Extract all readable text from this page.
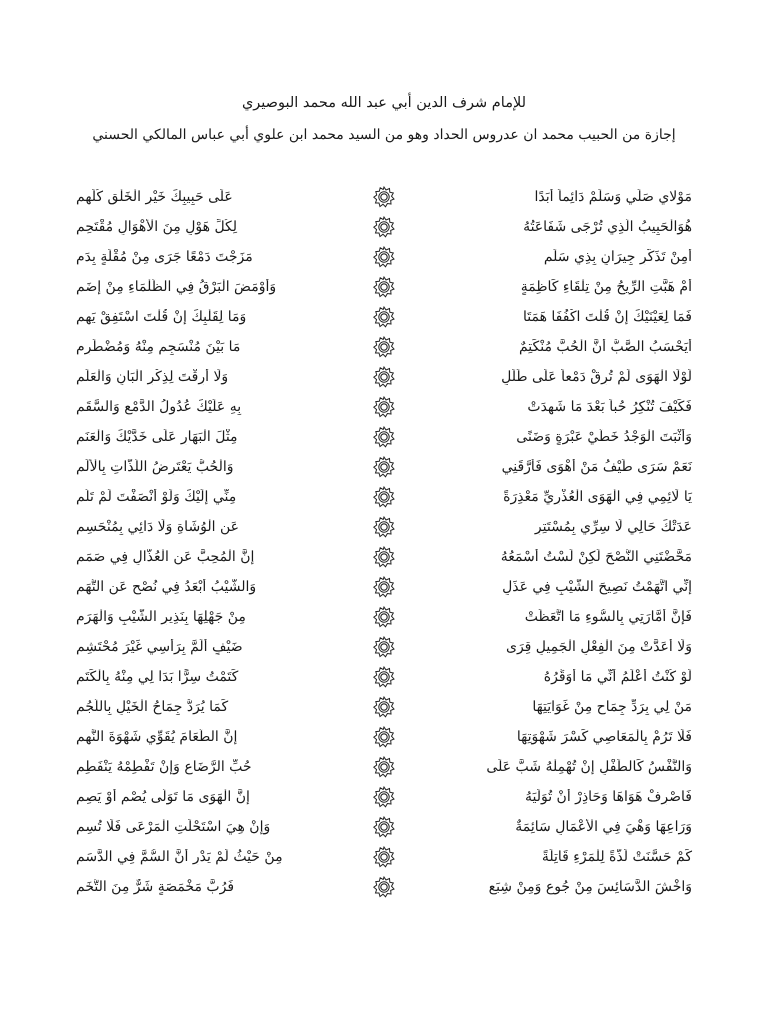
للإمام شرف الدين أبي عبد الله محمد البوصيري
إجازة من الحبيب محمد ان عدروس الحداد وهو من السيد محمد ابن علوي أبي عباس المالكي الحسني
مَوْلاي صَلِّي وَسَلِّمْ دَائِماً أَبَدًا
عَلَى حَبِيبِكَ خَيْرِ الْخَلْقِ كُلِّهِمِ
هُوَالْحَبِيبُ الَّذِي تُرْجَى شَفَاعَتُهُ
لِكُلِّ هَوْلٍ مِنَ الْأَهْوَالِ مُقْتَحِمِ
أَمِنْ تَذَكُّرِ جِيرَانٍ بِذِي سَلَمِ
مَزَجْتَ دَمْعًا جَرَى مِنْ مُقْلَةٍ بِدَمِ
أَمْ هَبَّتِ الرِّيحُ مِنْ تِلْقَاءِ كَاظِمَةٍ
وَأَوْمَضَ الْبَرْقُ فِي الظَّلْمَاءِ مِنْ إِضَمِ
فَمَا لِعَيْنَيْكَ إِنْ قُلْتَ اكْفُفَا هَمَتَا
وَمَا لِقَلْبِكَ إِنْ قُلْتَ اسْتَفِقْ يَهِمِ
أَيَحْسَبُ الصَّبُّ أَنَّ الْحُبَّ مُنْكَتِمٌ
مَا بَيْنَ مُنْسَجِمٍ مِنْهُ وَمُضْطَرِمِ
لَوْلَا الْهَوَى لَمْ تُرِقْ دَمْعاً عَلَى طَلَلٍ
وَلَا أَرِقْتَ لِذِكْرِ الْبَانِ وَالْعَلَمِ
فَكَيْفَ تُنْكِرُ حُباً بَعْدَ مَا شَهِدَتْ
بِهِ عَلَيْكَ عُدُولُ الدَّمْعِ وَالسَّقَمِ
وَأَثْبَتَ الْوَجْدُ خَطَّيْ عَبْرَةٍ وَضَنًى
مِثْلَ الْبَهَارِ عَلَى خَدَّيْكَ وَالْعَنَمِ
نَعَمْ سَرَى طَيْفُ مَنْ أَهْوَى فَأَرَّقَنِي
وَالْحُبُّ يَعْتَرِضُ اللَّذَّاتِ بِالْأَلَمِ
يَا لَائِمِي فِي الْهَوَى الْعُذْرِيِّ مَعْذِرَةً
مِنِّي إِلَيْكَ وَلَوْ أَنْصَفْتَ لَمْ تَلُمِ
عَدَتْكَ حَالِي لَا سِرِّي بِمُسْتَتِرٍ
عَنِ الْوُشَاةِ وَلَا دَائِي بِمُنْحَسِمِ
مَحَّضْتَنِي النُّصْحَ لَكِنْ لَسْتُ أَسْمَعُهُ
إِنَّ الْمُحِبَّ عَنِ الْعُذَّالِ فِي صَمَمِ
إِنِّي اتَّهَمْتُ نَصِيحَ الشَّيْبِ فِي عَذَلٍ
وَالشَّيْبُ أَبْعَدُ فِي نُصْحٍ عَنِ التُّهَمِ
فَإِنَّ أَمَّارَتِي بِالسُّوءِ مَا اتَّعَظَتْ
مِنْ جَهْلِهَا بِنَذِيرِ الشَّيْبِ وَالْهَرَمِ
وَلَا أَعَدَّتْ مِنَ الْفِعْلِ الْجَمِيلِ قِرَى
ضَيْفٍ أَلَمَّ بِرَأْسِي غَيْرَ مُحْتَشِمِ
لَوْ كُنْتُ أَعْلَمُ أَنِّي مَا أُوَقِّرُهُ
كَتَمْتُ سِرًّا بَدَا لِي مِنْهُ بِالْكَتَمِ
مَنْ لِي بِرَدِّ جِمَاحٍ مِنْ غَوَايَتِهَا
كَمَا يُرَدُّ جِمَاحُ الْخَيْلِ بِاللُّجُمِ
فَلَا تَرُمْ بِالْمَعَاصِي كَسْرَ شَهْوَتِهَا
إِنَّ الطَّعَامَ يُقَوِّي شَهْوَةَ النَّهِمِ
وَالنَّفْسُ كَالطِّفْلِ إِنْ تُهْمِلْهُ شَبَّ عَلَى
حُبِّ الرَّضَاعِ وَإِنْ تَفْطِمْهُ يَنْفَطِمِ
فَاصْرِفْ هَوَاهَا وَحَاذِرْ أَنْ تُوَلِّيَهُ
إِنَّ الْهَوَى مَا تَوَلَّى يُصْمِ أَوْ يَصِمِ
وَرَاعِهَا وَهْيَ فِي الْأَعْمَالِ سَائِمَةٌ
وَإِنْ هِيَ اسْتَحْلَتِ الْمَرْعَى فَلَا تُسِمِ
كَمْ حَسَّنَتْ لَذَّةً لِلْمَرْءِ قَاتِلَةً
مِنْ حَيْثُ لَمْ يَدْرِ أَنَّ السُّمَّ فِي الدَّسَمِ
وَاخْشَ الدَّسَائِسَ مِنْ جُوعٍ وَمِنْ شِبَعٍ
فَرُبَّ مَخْمَصَةٍ شَرٌّ مِنَ التُّخَمِ
